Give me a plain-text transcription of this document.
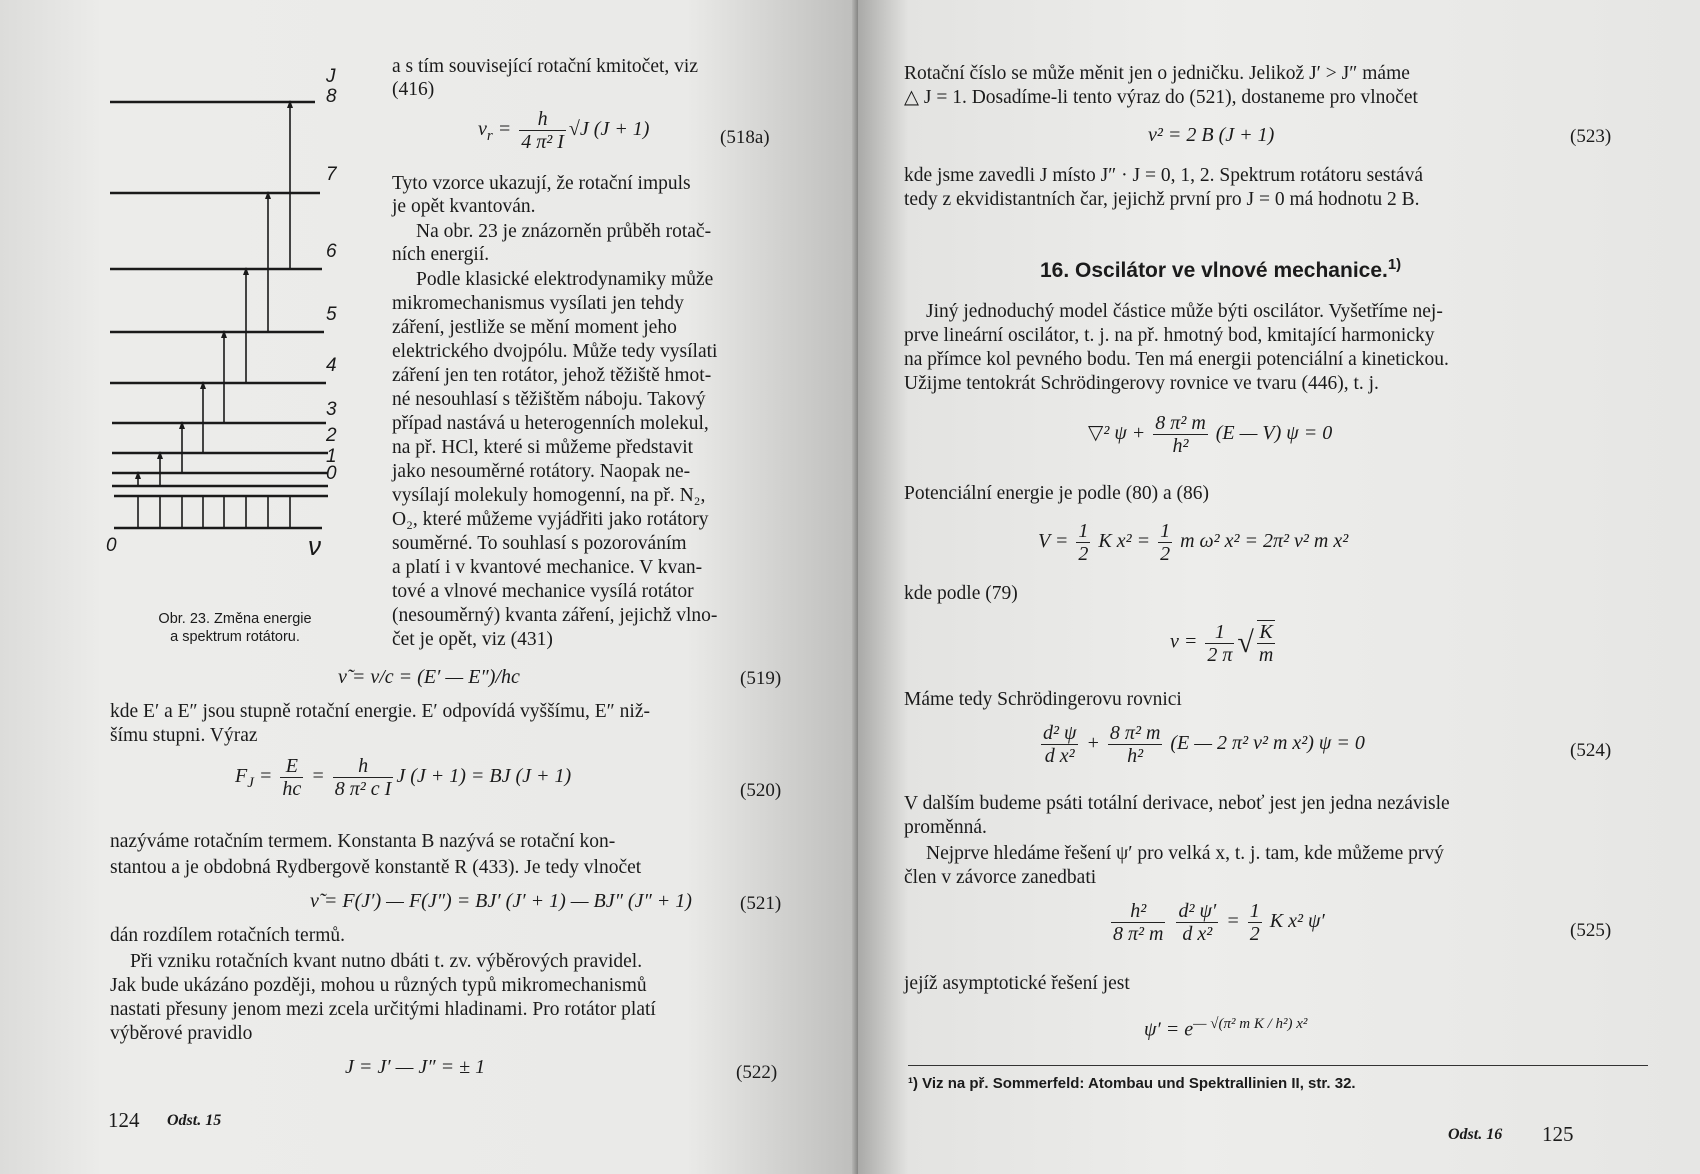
J
8
7
6
5
4
3
2
1
0
0	ν
Obr. 23. Změna energie
a spektrum rotátoru.
a s tím související rotační kmitočet, viz
(416)
$\nu_r = \frac{h}{\text{4 π² I}} √J$ (J + 1)	(518a)
Tyto vzorce ukazují, že rotační impuls
je opět kvantován.
Na obr. 23 je znázorněn průběh rotač-
ních energií.
Podle klasické elektrodynamiky může
mikromechanismus vysílati jen tehdy
záření, jestliže se mění moment jeho
elektrického dvojpólu. Může tedy vysílati
záření jen ten rotátor, jehož těžiště hmot-
né nesouhlasí s těžištěm náboju. Takový
případ nastává u heterogenních molekul,
na př. HCl, které si můžeme představit
jako nesouměrné rotátory. Naopak ne-
vysílají molekuly homogenní, na př. N₂,
O₂, které můžeme vyjádřiti jako rotátory
souměrné. To souhlasí s pozorováním
a platí i v kvantové mechanice. V kvan-
tové a vlnové mechanice vysílá rotátor
(nesouměrný) kvanta záření, jejichž vlno-
čet je opět, viz (431)
ν̃ = ν/c = (E′ — E″)/hc	(519)
kde E′ a E″ jsou stupně rotační energie. E′ odpovídá vyššímu, E″ niž-
šímu stupni. Výraz
$F_J = \frac{E}{hc} = \frac{h}{\text{8 π² c I}}$ J (J + 1) = BJ (J + 1)
(520)
nazýváme rotačním termem. Konstanta B nazývá se rotační kon-
stantou a je obdobná Rydbergově konstantě R (433). Je tedy vlnočet
ν̃ = F(J′) — F(J″) = BJ′ (J′ + 1) — BJ″ (J″ + 1)	(521)
dán rozdílem rotačních termů.
Při vzniku rotačních kvant nutno dbáti t. zv. výběrových pravidel.
Jak bude ukázáno později, mohou u různých typů mikromechanismů
nastati přesuny jenom mezi zcela určitými hladinami. Pro rotátor platí
výběrové pravidlo
J = J′ — J″ = ± 1	(522)
124 Odst. 15
Rotační číslo se může měnit jen o jedničku. Jelikož J′ > J″ máme
△ J = 1. Dosadíme-li tento výraz do (521), dostaneme pro vlnočet
ν² = 2 B (J + 1)	(523)
kde jsme zavedli J místo J″ · J = 0, 1, 2. Spektrum rotátoru sestává
tedy z ekvidistantních čar, jejichž první pro J = 0 má hodnotu 2 B.
16. Oscilátor ve vlnové mechanice.$^{1)}$
Jiný jednoduchý model částice může býti oscilátor. Vyšetříme nej-
prve lineární oscilátor, t. j. na př. hmotný bod, kmitající harmonicky
na přímce kol pevného bodu. Ten má energii potenciální a kinetickou.
Užijme tentokrát Schrödingerovy rovnice ve tvaru (446), t. j.
▽² $\psi + \frac{\text{8 π² m}}{\text{h²}} (E$ — V) ψ = 0
Potenciální energie je podle (80) a (86)
$V = \frac{1}{2}$ K $x^2 = \frac{1}{2}$ m ω² x² = 2π² ν² m x²
kde podle (79)
$\nu = \frac{1}{2 \pi}$ √ $\frac{K}{m}$
Máme tedy Schrödingerovu rovnici
$\frac{\text{d² ψ}}{\text{d x²}} + \frac{\text{8 π² m}}{\text{h²}} (E$ — 2 π² ν² m x²) ψ = 0	(524)
V dalším budeme psáti totální derivace, neboť jest jen jedna nezávisle
proměnná.
Nejprve hledáme řešení ψ′ pro velká x, t. j. tam, kde můžeme prvý
člen v závorce zanedbati
$\frac{\text{h²}}{\text{8 π² m}}$
$\frac{\text{d² ψ′}}{\text{d x²}} = \frac{1}{2}$ K x² ψ′	(525)
jejíž asymptotické řešení jest
$\psi' = e^{— √(\pi^2 m K / h^2) x^2}$
¹) Viz na př. Sommerfeld: Atombau und Spektrallinien II, str. 32.
Odst. 16 125
